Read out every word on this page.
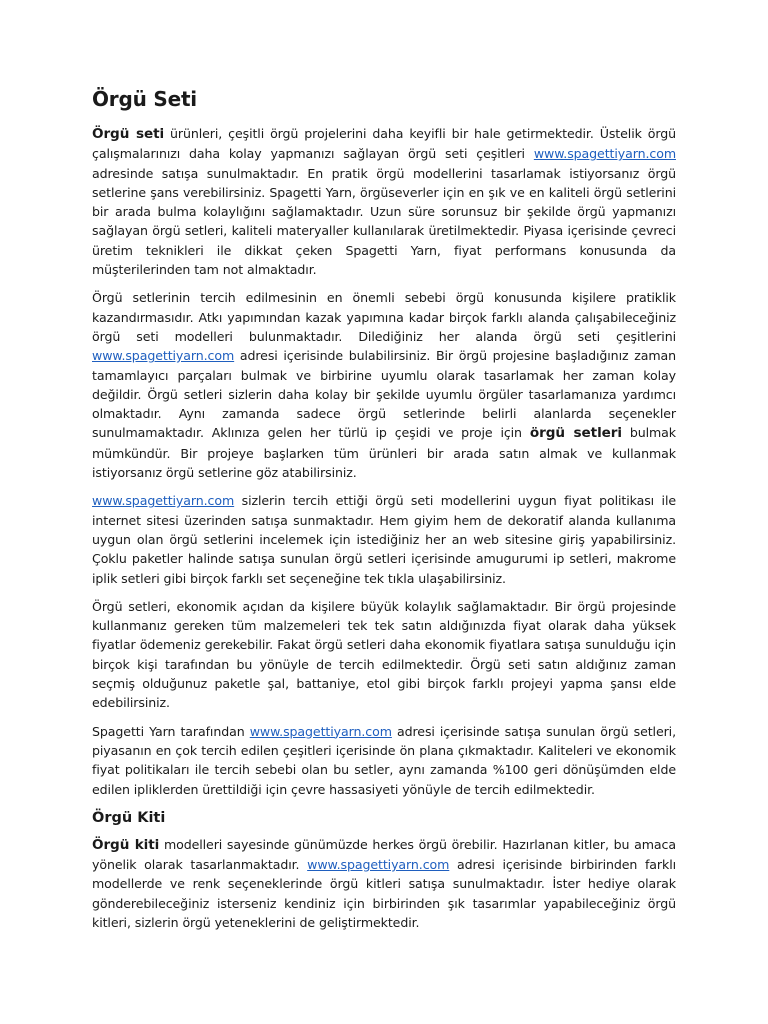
Örgü Seti

Örgü seti ürünleri, çeşitli örgü projelerini daha keyifli bir hale getirmektedir. Üstelik örgü çalışmalarınızı daha kolay yapmanızı sağlayan örgü seti çeşitleri www.spagettiyarn.com adresinde satışa sunulmaktadır. En pratik örgü modellerini tasarlamak istiyorsanız örgü setlerine şans verebilirsiniz. Spagetti Yarn, örgüseverler için en şık ve en kaliteli örgü setlerini bir arada bulma kolaylığını sağlamaktadır. Uzun süre sorunsuz bir şekilde örgü yapmanızı sağlayan örgü setleri, kaliteli materyaller kullanılarak üretilmektedir. Piyasa içerisinde çevreci üretim teknikleri ile dikkat çeken Spagetti Yarn, fiyat performans konusunda da müşterilerinden tam not almaktadır.

Örgü setlerinin tercih edilmesinin en önemli sebebi örgü konusunda kişilere pratiklik kazandırmasıdır. Atkı yapımından kazak yapımına kadar birçok farklı alanda çalışabileceğiniz örgü seti modelleri bulunmaktadır. Dilediğiniz her alanda örgü seti çeşitlerini www.spagettiyarn.com adresi içerisinde bulabilirsiniz. Bir örgü projesine başladığınız zaman tamamlayıcı parçaları bulmak ve birbirine uyumlu olarak tasarlamak her zaman kolay değildir. Örgü setleri sizlerin daha kolay bir şekilde uyumlu örgüler tasarlamanıza yardımcı olmaktadır. Aynı zamanda sadece örgü setlerinde belirli alanlarda seçenekler sunulmamaktadır. Aklınıza gelen her türlü ip çeşidi ve proje için örgü setleri bulmak mümkündür. Bir projeye başlarken tüm ürünleri bir arada satın almak ve kullanmak istiyorsanız örgü setlerine göz atabilirsiniz.

www.spagettiyarn.com sizlerin tercih ettiği örgü seti modellerini uygun fiyat politikası ile internet sitesi üzerinden satışa sunmaktadır. Hem giyim hem de dekoratif alanda kullanıma uygun olan örgü setlerini incelemek için istediğiniz her an web sitesine giriş yapabilirsiniz. Çoklu paketler halinde satışa sunulan örgü setleri içerisinde amugurumi ip setleri, makrome iplik setleri gibi birçok farklı set seçeneğine tek tıkla ulaşabilirsiniz.

Örgü setleri, ekonomik açıdan da kişilere büyük kolaylık sağlamaktadır. Bir örgü projesinde kullanmanız gereken tüm malzemeleri tek tek satın aldığınızda fiyat olarak daha yüksek fiyatlar ödemeniz gerekebilir. Fakat örgü setleri daha ekonomik fiyatlara satışa sunulduğu için birçok kişi tarafından bu yönüyle de tercih edilmektedir. Örgü seti satın aldığınız zaman seçmiş olduğunuz paketle şal, battaniye, etol gibi birçok farklı projeyi yapma şansı elde edebilirsiniz.

Spagetti Yarn tarafından www.spagettiyarn.com adresi içerisinde satışa sunulan örgü setleri, piyasanın en çok tercih edilen çeşitleri içerisinde ön plana çıkmaktadır. Kaliteleri ve ekonomik fiyat politikaları ile tercih sebebi olan bu setler, aynı zamanda %100 geri dönüşümden elde edilen ipliklerden ürettildiği için çevre hassasiyeti yönüyle de tercih edilmektedir.

Örgü Kiti

Örgü kiti modelleri sayesinde günümüzde herkes örgü örebilir. Hazırlanan kitler, bu amaca yönelik olarak tasarlanmaktadır. www.spagettiyarn.com adresi içerisinde birbirinden farklı modellerde ve renk seçeneklerinde örgü kitleri satışa sunulmaktadır. İster hediye olarak gönderebileceğiniz isterseniz kendiniz için birbirinden şık tasarımlar yapabileceğiniz örgü kitleri, sizlerin örgü yeteneklerini de geliştirmektedir.
